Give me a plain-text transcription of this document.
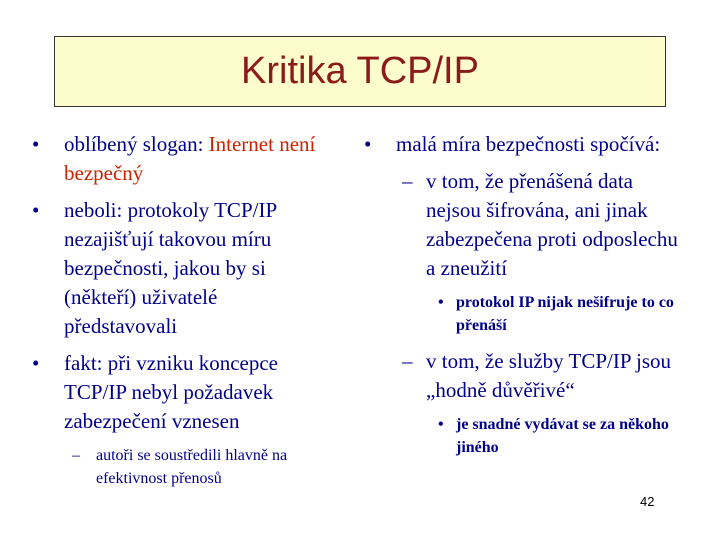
Kritika TCP/IP
• oblíbený slogan: Internet není bezpečný
• neboli: protokoly TCP/IP nezajišťují takovou míru bezpečnosti, jakou by si (někteří) uživatelé představovali
• fakt: při vzniku koncepce TCP/IP nebyl požadavek zabezpečení vznesen
– autoři se soustředili hlavně na efektivnost přenosů
• malá míra bezpečnosti spočívá:
– v tom, že přenášená data nejsou šifrována, ani jinak zabezpečena proti odposlechu a zneužití
• protokol IP nijak nešifruje to co přenáší
– v tom, že služby TCP/IP jsou „hodně důvěřivé“
• je snadné vydávat se za někoho jiného
42
